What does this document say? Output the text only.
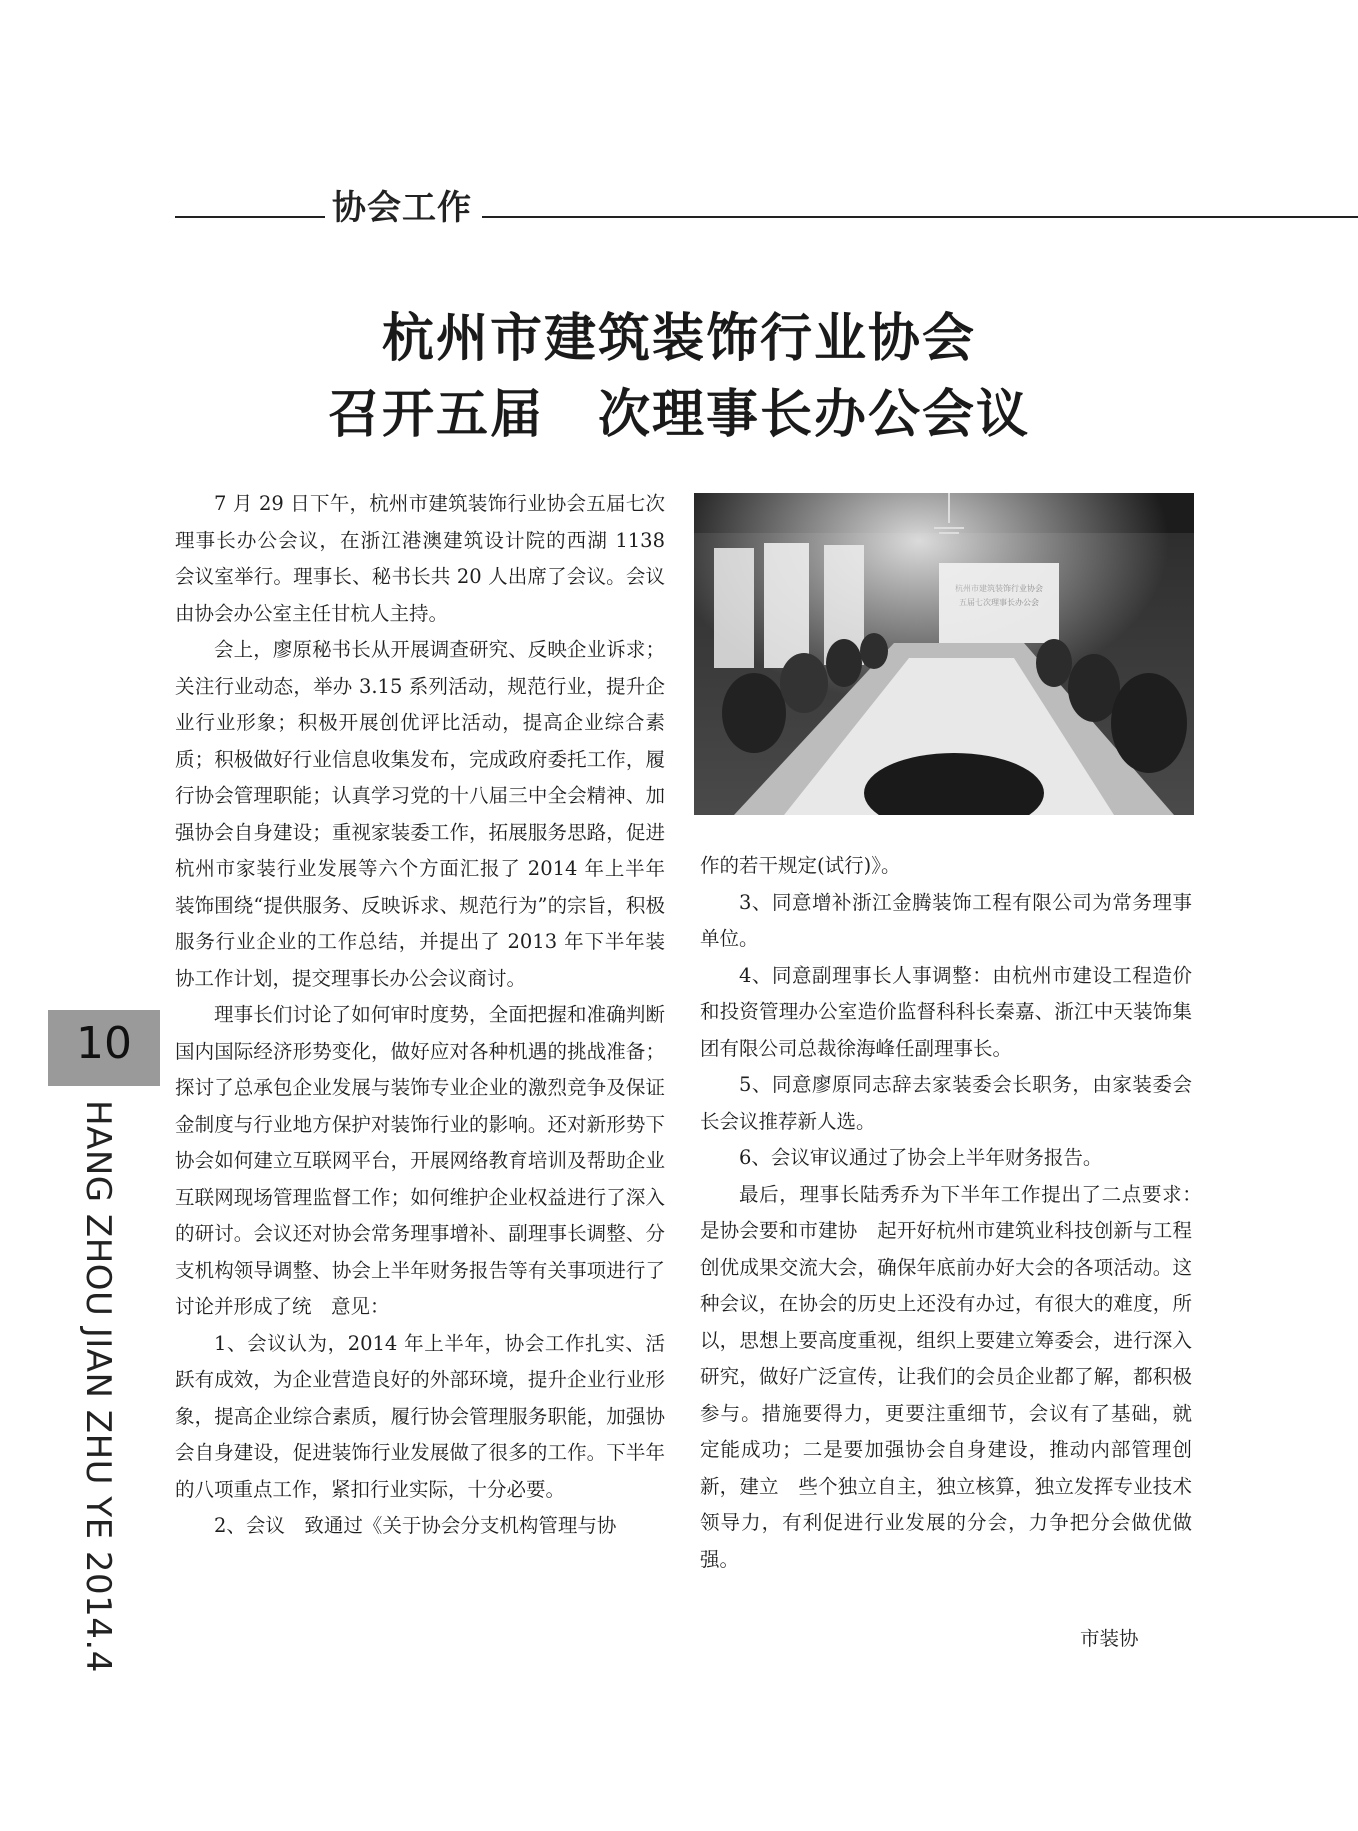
协会工作
杭州市建筑装饰行业协会
召开五届　次理事长办公会议

7 月 29 日下午，杭州市建筑装饰行业协会五届七次理事长办公会议，在浙江港澳建筑设计院的西湖 1138 会议室举行。理事长、秘书长共 20 人出席了会议。会议由协会办公室主任甘杭人主持。

会上，廖原秘书长从开展调查研究、反映企业诉求；关注行业动态，举办 3.15 系列活动，规范行业，提升企业行业形象；积极开展创优评比活动，提高企业综合素质；积极做好行业信息收集发布，完成政府委托工作，履行协会管理职能；认真学习党的十八届三中全会精神、加强协会自身建设；重视家装委工作，拓展服务思路，促进杭州市家装行业发展等六个方面汇报了 2014 年上半年装饰围绕“提供服务、反映诉求、规范行为”的宗旨，积极服务行业企业的工作总结，并提出了 2013 年下半年装协工作计划，提交理事长办公会议商讨。

理事长们讨论了如何审时度势，全面把握和准确判断国内国际经济形势变化，做好应对各种机遇的挑战准备；探讨了总承包企业发展与装饰专业企业的激烈竞争及保证金制度与行业地方保护对装饰行业的影响。还对新形势下协会如何建立互联网平台，开展网络教育培训及帮助企业互联网现场管理监督工作；如何维护企业权益进行了深入的研讨。会议还对协会常务理事增补、副理事长调整、分支机构领导调整、协会上半年财务报告等有关事项进行了讨论并形成了统　意见：

1、会议认为，2014 年上半年，协会工作扎实、活跃有成效，为企业营造良好的外部环境，提升企业行业形象，提高企业综合素质，履行协会管理服务职能，加强协会自身建设，促进装饰行业发展做了很多的工作。下半年的八项重点工作，紧扣行业实际，十分必要。

2、会议　致通过《关于协会分支机构管理与协

作的若干规定(试行)》。

3、同意增补浙江金腾装饰工程有限公司为常务理事单位。

4、同意副理事长人事调整：由杭州市建设工程造价和投资管理办公室造价监督科科长秦嘉、浙江中天装饰集团有限公司总裁徐海峰任副理事长。

5、同意廖原同志辞去家装委会长职务，由家装委会长会议推荐新人选。

6、会议审议通过了协会上半年财务报告。

最后，理事长陆秀乔为下半年工作提出了二点要求：　是协会要和市建协　起开好杭州市建筑业科技创新与工程创优成果交流大会，确保年底前办好大会的各项活动。这种会议，在协会的历史上还没有办过，有很大的难度，所以，思想上要高度重视，组织上要建立筹委会，进行深入研究，做好广泛宣传，让我们的会员企业都了解，都积极参与。措施要得力，更要注重细节，会议有了基础，就　定能成功；二是要加强协会自身建设，推动内部管理创新，建立　些个独立自主，独立核算，独立发挥专业技术领导力，有利促进行业发展的分会，力争把分会做优做强。

市装协
10
HANG ZHOU JIAN ZHU YE 2014.4
